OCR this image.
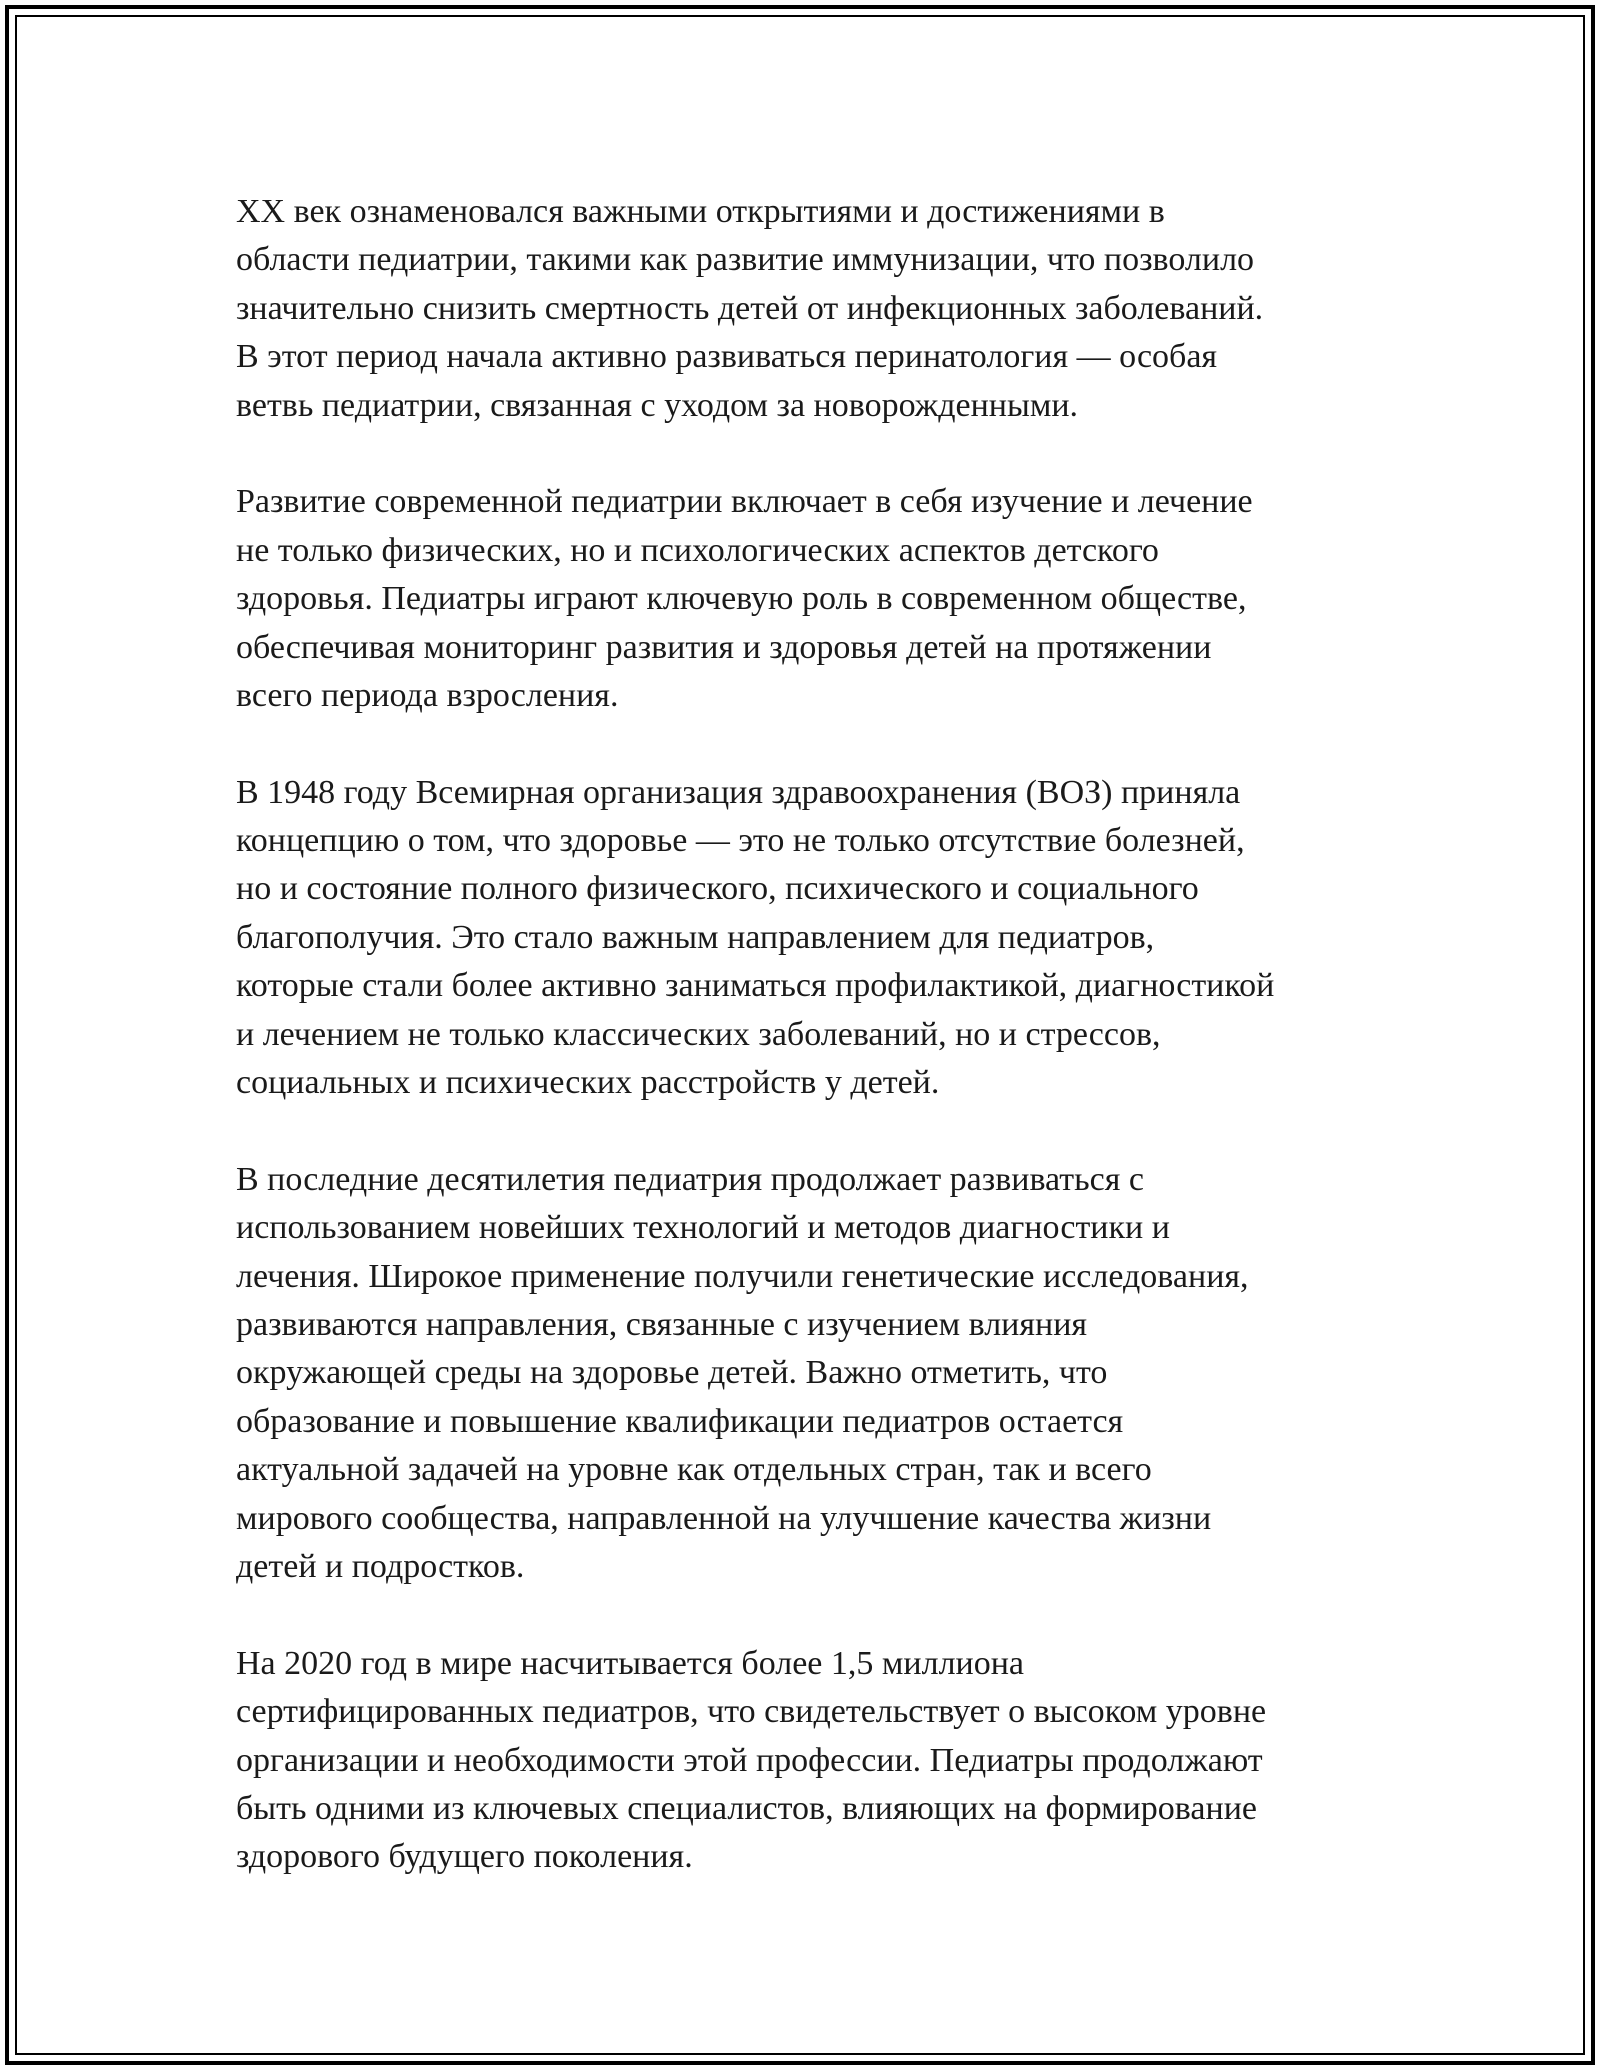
XX век ознаменовался важными открытиями и достижениями в
области педиатрии, такими как развитие иммунизации, что позволило
значительно снизить смертность детей от инфекционных заболеваний.
В этот период начала активно развиваться перинатология — особая
ветвь педиатрии, связанная с уходом за новорожденными.
Развитие современной педиатрии включает в себя изучение и лечение
не только физических, но и психологических аспектов детского
здоровья. Педиатры играют ключевую роль в современном обществе,
обеспечивая мониторинг развития и здоровья детей на протяжении
всего периода взросления.
В 1948 году Всемирная организация здравоохранения (ВОЗ) приняла
концепцию о том, что здоровье — это не только отсутствие болезней,
но и состояние полного физического, психического и социального
благополучия. Это стало важным направлением для педиатров,
которые стали более активно заниматься профилактикой, диагностикой
и лечением не только классических заболеваний, но и стрессов,
социальных и психических расстройств у детей.
В последние десятилетия педиатрия продолжает развиваться с
использованием новейших технологий и методов диагностики и
лечения. Широкое применение получили генетические исследования,
развиваются направления, связанные с изучением влияния
окружающей среды на здоровье детей. Важно отметить, что
образование и повышение квалификации педиатров остается
актуальной задачей на уровне как отдельных стран, так и всего
мирового сообщества, направленной на улучшение качества жизни
детей и подростков.
На 2020 год в мире насчитывается более 1,5 миллиона
сертифицированных педиатров, что свидетельствует о высоком уровне
организации и необходимости этой профессии. Педиатры продолжают
быть одними из ключевых специалистов, влияющих на формирование
здорового будущего поколения.
